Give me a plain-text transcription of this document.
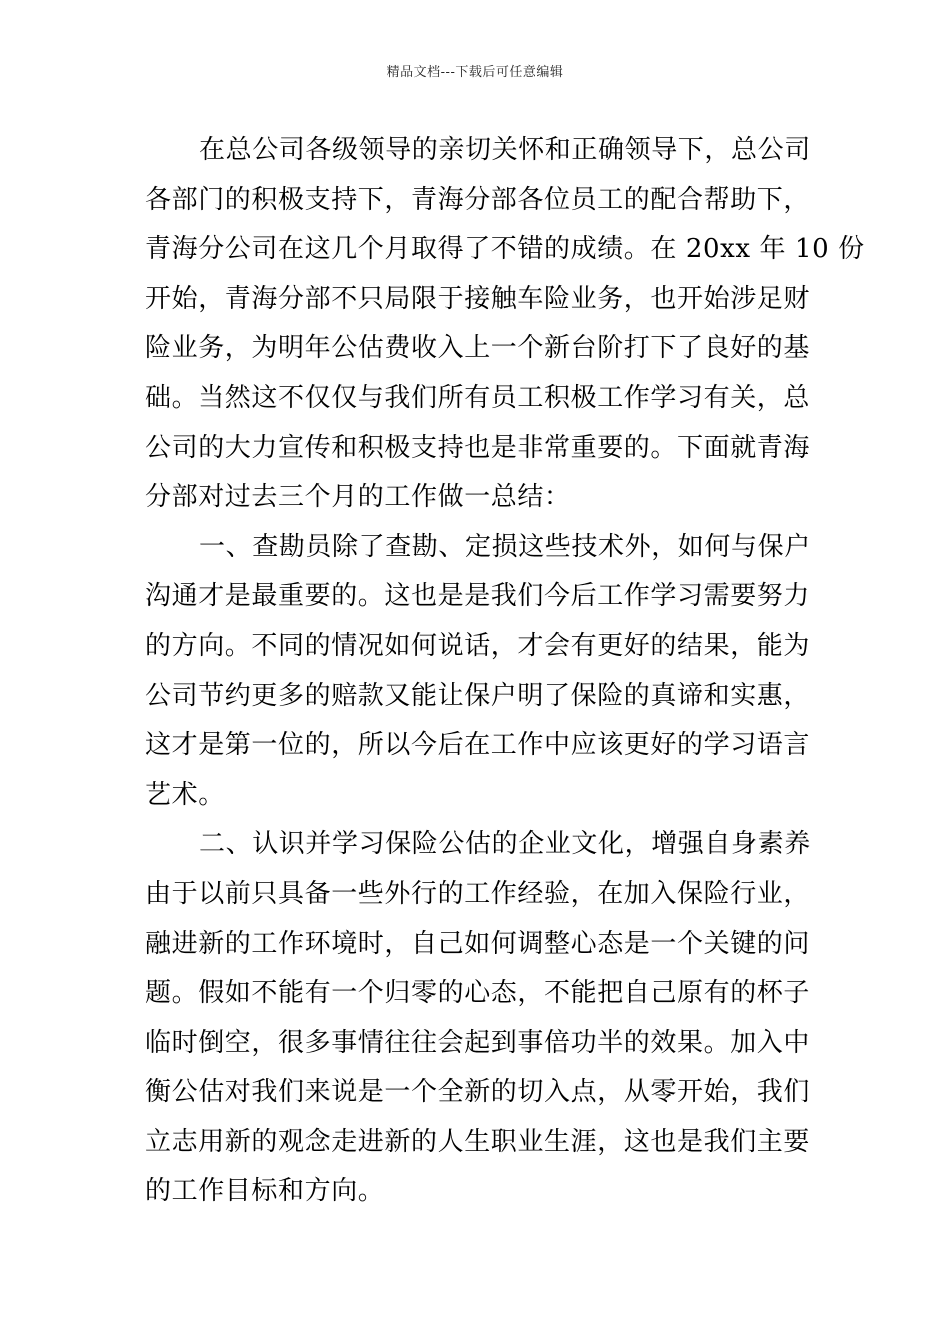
精品文档---下载后可任意编辑
在总公司各级领导的亲切关怀和正确领导下，总公司
各部门的积极支持下，青海分部各位员工的配合帮助下，
青海分公司在这几个月取得了不错的成绩。在 20xx 年 10 份
开始，青海分部不只局限于接触车险业务，也开始涉足财
险业务，为明年公估费收入上一个新台阶打下了良好的基
础。当然这不仅仅与我们所有员工积极工作学习有关，总
公司的大力宣传和积极支持也是非常重要的。下面就青海
分部对过去三个月的工作做一总结：
一、查勘员除了查勘、定损这些技术外，如何与保户
沟通才是最重要的。这也是是我们今后工作学习需要努力
的方向。不同的情况如何说话，才会有更好的结果，能为
公司节约更多的赔款又能让保户明了保险的真谛和实惠，
这才是第一位的，所以今后在工作中应该更好的学习语言
艺术。
二、认识并学习保险公估的企业文化，增强自身素养
由于以前只具备一些外行的工作经验，在加入保险行业，
融进新的工作环境时，自己如何调整心态是一个关键的问
题。假如不能有一个归零的心态，不能把自己原有的杯子
临时倒空，很多事情往往会起到事倍功半的效果。加入中
衡公估对我们来说是一个全新的切入点，从零开始，我们
立志用新的观念走进新的人生职业生涯，这也是我们主要
的工作目标和方向。
